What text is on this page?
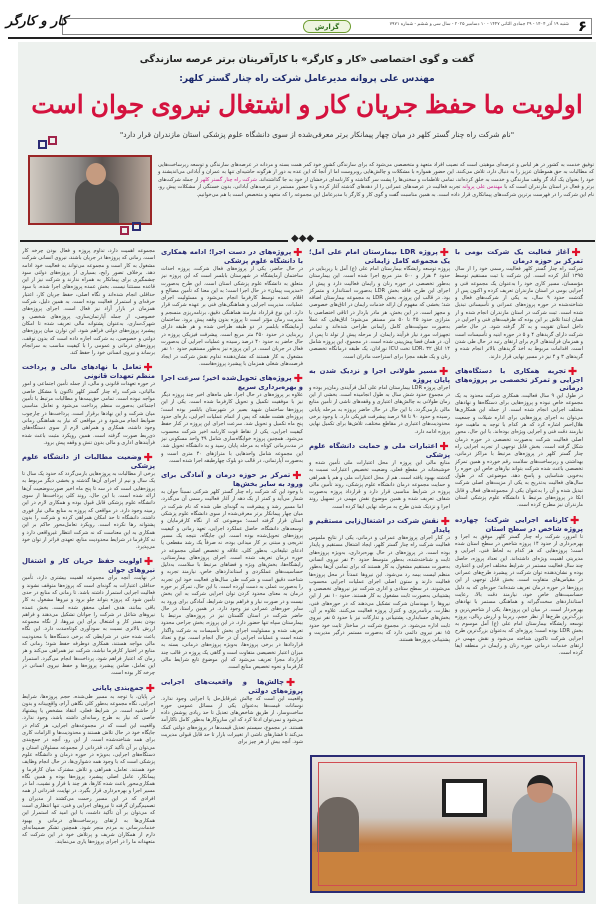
۶
شنبه ۱۹ آذر ۱۴۰۴ - ۲۹ جمادی الثانی ۱۴۴۷ - ۱۰ دسامبر ۲۰۲۵ - سال سی و ششم - شماره ۷۹۷۱
گزارش
کار و کارگر
گفت و گوی اختصاصی «کار و کارگر» با کارآفرینان برتر عرصه سازندگی
مهندس علی پروانه مدیرعامل شرکت راه چنار گستر کلهر:
اولویت ما حفظ جریان کار و اشتغال نیروی جوان است
"نام شرکت راه چنار گستر کلهر در میان چهار پیمانکار برتر معرفی‌شده از سوی دانشگاه علوم پزشکی استان مازندران قرار دارد"
توفیق خدمت به کشور در هر لباس و عرصه‌ای موهبتی است که نصیب افراد متعهد و متخصصی می‌شود که برای سازندگی کشور خود کمر همت بسته و مردانه در عرصه‌های سازندگی و توسعه زیرساخت‌هایی که مطالبات به حق هموطنان عزیز را به دنبال دارد، تلاش می‌کنند. این حضور همواره با مشکلات و چالش‌هایی روبروست اما از آنجا که این عده به دور از هرگونه حاشیه‌ای تنها به عمران و آبادانی می‌اندیشند و خود را بعنوان یک آباد گر وقف سازندگی و خدمت به خلق کرده‌اند، تمامی تلاطمات و سختی‌ها را پشت سر گذاشته و کارنامه‌ای درخشان از خود به جا گذاشته‌اند. شرکت راه چنار گستر کلهر از جمله شرکت‌های برتر و فعال در استان مازندران است که با مهندس علی پروانه تجربه فعالیت در عرصه‌های عمرانی را از دهه‌های گذشته آغاز کرده و با حضور مستمر در عرصه‌های آبادانی، بدون خستگی از مشکلات پیش رو، نام این شرکت را در فهرست برترین شرکت‌های پیمانکاری قرار داده است. به همین مناسبت گفت و گوی کار و کارگر با مدیرعامل این مجموعه را که متعهد و متخصص است با هم می‌خوانیم.
◆◆◆
✚آغاز فعالیت یک شرکت بومی با تمرکز بر حوزه درمان

شرکت راه چنار گستر کلهر فعالیت رسمی خود را از سال ۱۳۹۵ آغاز کرده است. این شرکت با ثبت مستقیم توسط مؤسسان، مسیر کاری خود را به‌عنوان یک مجموعه فنی و اجرایی بومی در استان مازندران تعریف کرده و اکنون پس از گذشت حدود ۹ سال، به یکی از شرکت‌های فعال و شناخته‌شده در حوزه پروژه‌های عمرانی و تأسیساتی تبدیل شده است. ثبت شرکت در استان مازندران انجام شده و از همان ابتدا تلاش بر این بوده که ظرفیت‌های فنی و اجرایی در داخل استان تقویت و به کار گرفته شود. در حال حاضر شرکت دارای گریدهای ۴ و ۵ در حوزه ابنیه و تأسیسات است و همزمان فرآیندهای لازم برای ارتقای رتبه در حال طی شدن است. اقدامات مربوط به اخذ گریدهای بالاتر انجام شده و گریدهای ۳ و ۴ نیز در مسیر نهایی قرار دارند.

✚تجربه همکاری با دستگاه‌های اجرایی و تمرکز تخصصی بر پروژه‌های درمانی

در طول این ۹ سال فعالیت، همکاری شرکت محدود به یک مجموعه خاص نبوده و پروژه‌هایی برای دستگاه‌ها و نهادهای مختلف اجرایی انجام شده است. از جمله این همکاری‌ها می‌توان به اجرای پروژه‌هایی برای اداره شیلات و جمعیت هلال‌احمر اشاره کرد که هر کدام با توجه به ماهیت خود نیازمند دقت فنی و اجرایی ویژه‌ای بوده‌اند. با این حال، محور اصلی فعالیت شرکت به‌صورت تخصصی در حوزه درمان شکل گرفته است. بخش قابل توجهی از تجربه اجرایی راه چنار گستر کلهر در پروژه‌های مرتبط با مراکز درمانی، بهداشتی و زیرساخت‌های سلامت رقم خورده و همین تمرکز تخصصی باعث شده شرکت بتواند نیازهای خاص این حوزه را به‌خوبی شناسایی و پاسخ دهد. موضوعی که در طول سال‌های فعالیت به‌تدریج به یکی از مزیت‌های اصلی شرکت تبدیل شده و آن را به‌عنوان یکی از مجموعه‌های فعال و قابل اتکا در پروژه‌های مرتبط با دانشگاه علوم پزشکی استان مازندران نیز مطرح کرده است.

✚کارنامه اجرایی شرکت؛ چهارده پروژه شاخص در سطح استان

تا امروز، شرکت راه چنار گستر کلهر موفق به اجرا و بهره‌برداری از حدود ۱۴ پروژه شاخص در سطح استان شده است؛ پروژه‌هایی که هر کدام به لحاظ فنی، اجرایی و مدیریتی اهمیت ویژه‌ای داشته‌اند. این تعداد پروژه، حاصل چند سال فعالیت مستمر در شرایط مختلف اجرایی و اعتباری بوده و نشان‌دهنده توان شرکت در پیشبرد طرح‌های عمرانی در مقیاس‌های متفاوت است. بخش قابل توجهی از این پروژه‌ها در حوزه درمان تعریف شده‌اند؛ حوزه‌ای که به دلیل حساسیت‌های خاص خود، نیازمند دقت بالا، رعایت استانداردهای سخت‌گیرانه و هماهنگی مستمر با نهادهای بهره‌بردار است. در میان این پروژه‌ها، یکی از شاخص‌ترین و بزرگ‌ترین طرح‌ها از نظر حجم، زیربنا و ارزش ریالی، پروژه توسعه زایشگاه بیمارستان امام علی (ع) آمل موسوم به بخش LDR بوده است؛ پروژه‌ای که به‌عنوان بزرگ‌ترین طرح اجرایی شرکت تاکنون شناخته می‌شود و نقش مهمی در ارتقای خدمات درمانی حوزه زنان و زایمان در منطقه ایفا کرده است.

✚پروژه LDR بیمارستان امام علی آمل؛ یک مجموعه کامل زایمانی

پروژه توسعه زایشگاه بیمارستان امام علی (ع) آمل با زیربنایی در حدود ۴ هزار و ۵۰۰ متر مربع اجرا شده است. این بیمارستان به‌طور تخصصی در حوزه زنان و زایمان فعالیت دارد و پیش از اجرای این طرح، فاقد بخش LDR به‌صورت استاندارد و متمرکز بود. در قالب این پروژه، بخش LDR به مجموعه بیمارستان اضافه شد؛ بخشی که مفهوم آن ارائه خدمات زایمان در اتاق‌های خصوصی و مجهز است. در این بخش، هر مادر باردار در اتاقی اختصاصی با متراژی حدود ۴۵ تا ۵۰ متر مستقر می‌شود؛ اتاق‌هایی که عملاً به‌صورت سوئیت‌های کامل زایمانی طراحی شده‌اند و تمامی تجهیزات مورد نیاز فرآیند زایمان، از مرحله پیش از تولد تا پس از آن، در همان فضا پیش‌بینی شده است. در مجموع، این پروژه شامل ۱۴ اتاق LDR، ۳۲ تخت ICU نوزادان، یک طبقه درمانگاه تخصصی زنان و یک طبقه مجزا برای استراحت مادران است.

✚مسیر طولانی اجرا و نزدیک شدن به پایان پروژه

اجرای پروژه LDR بیمارستان امام علی آمل فرآیندی زمان‌بر بوده و در مجموع حدود شش سال به طول انجامیده است. بخشی از این زمان طولانی به چالش‌های اعتباری و وقفه‌های ناشی از تأمین منابع مالی بازمی‌گردد. با این حال در حال حاضر پروژه به مرحله پایانی رسیده و حدود ۹۰ تا ۹۸ درصد پیشرفت فیزیکی دارد. با وجود برخی محدودیت‌های اعتباری در مقاطع مختلف، تلاش‌ها برای تکمیل نهایی پروژه ادامه دارد.

✚اعتبارات ملی و حمایت دانشگاه علوم پزشکی

منابع مالی این پروژه از محل اعتبارات ملی تأمین شده و خوشبختانه در مقطع فعلی، وضعیت تخصیص اعتبارات نسبت به گذشته بهبود یافته است. هم از محل اعتبارات ملی و هم با همراهی و حمایت مجموعه درمان دانشگاه علوم پزشکی، روند تأمین مالی پروژه در شرایط مناسبی قرار دارد و قرارداد پروژه به‌صورت شفاف تعریف شده و همین موضوع نقش مهمی در تسهیل روند اجرا و نزدیک شدن طرح به مرحله نهایی ایفا کرده است.

✚نقش شرکت در اشتغال‌زایی مستقیم و پایدار

در کنار اجرای پروژه‌های عمرانی و درمانی، یکی از نتایج ملموس فعالیت شرکت راه چنار گستر کلهر، ایجاد اشتغال مستقیم و پایدار بوده است. در پروژه‌های در حال بهره‌برداری، به‌ویژه پروژه‌های ثابت و شناخته‌شده، به‌طور متوسط حدود ۳۰ نفر نیروی انسانی به‌صورت مستقیم مشغول به کار هستند که برای تمامی آن‌ها به‌طور منظم لیست بیمه رد می‌شود. این نیروها عمدتاً در محل پروژه‌ها فعالیت دارند و ستون اصلی اجرای عملیات اجرایی محسوب می‌شوند. در سطح ستادی و اداری شرکت نیز نیروهای تخصصی و پشتیبانی به‌صورت ثابت مشغول به کار هستند. حدود ۱۰ نفر از این نیروها را مهندسان شرکت تشکیل می‌دهند که در حوزه‌های فنی، نظارت، برنامه‌ریزی و کنترل پروژه فعالیت می‌کنند. علاوه بر آن، بخش‌های حسابداری، پشتیبانی و تدارکات نیز با حدود ۵ نفر نیروی ثابت اداره می‌شود. در مجموع شرکت در ساختار ثابت خود حدود ۱۵ نفر نیروی دائمی دارد که به‌صورت مستمر درگیر مدیریت و پشتیبانی پروژه‌ها هستند.

✚پروژه‌های در دست اجرا؛ ادامه همکاری با دانشگاه علوم پزشکی

در حال حاضر، یکی از پروژه‌های فعال شرکت، پروژه احداث ساختمان آزمایشگاه در شهرستان بابلسر است که این پروژه نیز متعلق به دانشگاه علوم پزشکی استان است. این طرح به‌صورت «مدیریت پیمان» در حال اجرا است؛ به این معنا که تأمین مصالح و اقلام عمده توسط کارفرما انجام می‌شود و مسئولیت اجرای عملیات، مدیریت اجرایی و هماهنگی‌های فنی بر عهده شرکت قرار دارد. این نوع قرارداد نیازمند هماهنگی دقیق، برنامه‌ریزی منسجم و مدیریت زمان مؤثر است تا پروژه بدون وقفه پیش برود. ساختمان آزمایشگاه بابلسر در دو طبقه طراحی شده و هر طبقه دارای زیربنایی در حدود ۴۵۰ متر مربع است. پیشرفت فیزیکی پروژه در حال حاضر به حدود ۴۰ درصد رسیده و عملیات اجرایی آن به‌صورت فعال در جریان است. در این پروژه نیز به‌طور مستقیم حدود ۱۰ نفر مشغول به کار هستند که نشان‌دهنده تداوم نقش شرکت در ایجاد فرصت‌های شغلی همزمان با پیشبرد پروژه‌هاست.

✚پروژه‌های تحویل‌شده اخیر؛ سرعت اجرا و بهره‌برداری سریع

علاوه بر پروژه‌های در حال اجرا، طی ماه‌های اخیر چند پروژه دیگر نیز با موفقیت تکمیل و تحویل کارفرما شده است. یکی از این پروژه‌ها ساختمان شهید بصیر در شهرستان بابلسر بوده است؛ پروژه‌ای هشت طبقه که پس از اتمام عملیات اجرایی، بازه‌ای حدود پنج ماه تکمیل و تحویل شد. سرعت اجرای این پروژه در کنار حفظ کیفیت اجرایی، یکی از نقاط قوت کارنامه اخیر شرکت محسوب می‌شود. همچنین پروژه خوابگاه‌سازی شامل ۴۹ واحد مسکونی نیز در مدت‌زمانی کوتاه به مرحله پایان رسید و به دانشگاه تحویل شد. این مجموعه شامل واحدهایی با متراژهای ۴۰ متری است و به‌صورت آپارتمانی، در قالب دو بلوک چهارطبقه اجرا شده است.

✚تمرکز بر حوزه درمان و آمادگی برای ورود به سایر بخش‌ها

با وجود این که شرکت راه چنار گستر کلهر شرکتی نسبتاً جوان به شمار می‌آید و کمتر از یک دهه از آغاز فعالیت رسمی آن می‌گذرد، اما مسیر رشد و پیشرفت به گونه‌ای طی شده که نام شرکت در میان چهار پیمانکار برتر معرفی‌شده از سوی دانشگاه علوم پزشکی استان قرار گرفته است؛ موضوعی که از نگاه کارفرمایان و توسعه‌های دانشگاه، حاصل عملکرد اجرایی، تعهد زمانی و کیفیت پروژه‌های تحویل‌شده بوده است. این جایگاه، نتیجه یک مسیر تدریجی و مبتنی بر کار میدانی بوده، نه صرفاً یک رشد مقطعی یا ادعای تبلیغاتی. به‌طور کلی، علاقه و تخصص اصلی مجموعه در حوزه درمان تعریف شده است. اجرای پروژه‌های بیمارستانی، زایشگاه‌ها، بخش‌های ویژه و فضاهای مرتبط با سلامت، به‌دلیل حساسیت‌های عملکردی و استانداردهای خاص، نیازمند تجربه و شناخت دقیق است و شرکت طی سال‌های فعالیت خود این تجربه را به‌صورت عملی به دست آورده است. با این حال، تمرکز بر حوزه درمان به معنای محدود کردن توان اجرایی شرکت به این بخش نیست و در صورت نیاز و فراهم بودن شرایط، آمادگی برای ورود به سایر حوزه‌های عمرانی نیز وجود دارد. در همین راستا، در حال حاضر شرکت در استان گلستان نیز در پروژه‌های مرتبط با بیمارستان سپاه تنها حضور دارد. در این پروژه، بخش جراحی محدود تعریف شده و مسئولیت اجرای بخش تأسیسات به شرکت واگذار شده است و عملیات اجرایی آن در حال انجام است. نوع و تعداد قراردادها در برخی پروژه‌ها، به‌ویژه پروژه‌های درمانی، بسته به میزان اعتبار تخصیصی متفاوت است و گاهی یک پروژه در قالب چند قرارداد مجزا تعریف می‌شود که این موضوع تابع شرایط مالی کارفرما و نحوه تخصیص منابع است.

✚چالش‌ها و واقعیت‌های اجرایی پروژه‌های دولتی

واقعیت این است که چالش غیرقابل‌حل یا اجرایی وجود ندارد. نوسانات قیمت‌ها به‌عنوان یکی از مسائل عمومی حوزه ساخت‌وساز، از طریق شاخص‌های تعدیل تا حد زیادی پوشش داده می‌شود و نمی‌توان ادعا کرد که این سازوکارها به‌طور کامل ناکارآمد هستند. در مجموع، سیستم تعدیل قیمت‌ها در پروژه‌های دولتی کمک می‌کند تا فشارهای ناشی از تغییرات بازار تا حد قابل قبولی مدیریت شود. آنچه بیش از هر چیز برای

مجموعه اهمیت دارد، تداوم پروژه و فعال بودن چرخه کار است. زمانی که پروژه‌ها در جریان باشند، نیروی انسانی شرکت مشغول به کار است و مجموعه می‌تواند به فعالیت خود ادامه دهد. برخلاف تصور رایج، بسیاری از پروژه‌های دولتی سود چشمگیری برای پیمانکار به همراه ندارند و شرکت نیز از این قاعده مستثنا نیست. بخش عمده پروژه‌های اجرا شده، با سود حداقلی انجام شده‌اند و نگاه اصلی، حفظ جریان کار، اعتبار حرفه‌ای و استمرار فعالیت بوده است. به همین دلیل، شرکت همزمان در بازار آزاد نیز فعال است. اجرای پروژه‌های خصوصی، از جمله آپارتمان‌سازی، پروژه‌های شخصی و شهرک‌سازی، به‌عنوان پشتوانه مالی تعریف شده تا امکان پیشبرد پروژه‌های دولتی فراهم شود. این توازن میان پروژه‌های دولتی و خصوصی، به شرکت اجازه داده است که بدون توقف، پروژه‌های درمانی و عمومی را با کیفیت مناسب به سرانجام برساند و نیروی انسانی خود را حفظ کند.

✚تعامل با نهادهای مالی و پرداخت منظم تعهدات قانونی

در حوزه تعهدات قانونی و مالی، از جمله تأمین اجتماعی و امور مالیاتی، شرکت راه چنار گستر کلهر تاکنون با مشکل خاصی مواجه نبوده است. تمامی حق‌بیمه‌ها و مطالبات مرتبط با تأمین اجتماعی به‌صورت منظم پرداخت می‌شود و تعامل مناسبی میان شرکت و این نهادها برقرار است. پرداخت‌ها در چارچوب ضوابط انجام می‌شود و در مواقعی که نیاز به هماهنگی زمانی وجود داشته، همکاری و همراهی لازم از سوی دستگاه‌های ذی‌ربط صورت گرفته است. همین رویکرد مثبت باعث شده فرآیندهای اداری و مالی بدون تنش و وقفه پیش برود.

✚وضعیت مطالبات از دانشگاه علوم پزشکی

برخی از مطالبات به پروژه‌هایی بازمی‌گردد که حدود یک سال تا یک سال و نیم از اجرای آن‌ها گذشته و بخشی دیگر مربوط به پروژه‌هایی است که در سه تا پنج ماه اخیر صورت‌وضعیت آن‌ها ارائه شده است. با این حال، روند کلی پرداخت‌ها از سوی دانشگاه علوم پزشکی قابل قبول بوده و همکاری لازم در این زمینه وجود دارد. در مواقعی که پروژه به منابع مالی نیاز فوری داشته، دانشگاه تا حد امکان همراهی کرده و شرکت را بدون پشتوانه رها نکرده است. رویکرد تعامل‌محور حاکم بر این همکاری به این معناست که نه شرکت انتظار غیرواقعی دارد و نه کارفرما در شرایط محدودیت منابع، تعهدی فراتر از توان خود می‌پذیرد.

✚اولویت حفظ جریان کار و اشتغال نیروهای جوان

در نهایت، آنچه برای مجموعه اهمیت بیشتری دارد، تأمین حداقلی اعتبارات به گونه‌ای است که پروژه‌ها متوقف نشوند و فعالیت اجرایی استمرار داشته باشد. تا زمانی که منابع در حدی تأمین شود که پروژه بتواند جلو برود و نیروها مشغول به کار باقی بمانند، هدف اصلی محقق شده است. بخش عمده نیروهای شاغل در شرکت را جوانان تشکیل می‌دهند و فراهم بودن بستر کار و اشتغال برای این نیروها، از نگاه مجموعه ارزش بالاتری نسبت به سودآوری کوتاه‌مدت دارد. این نگاه باعث شده حتی در شرایطی که برخی دستگاه‌ها با محدودیت مالی مواجه هستند، همکاری دوطرفه حفظ شود؛ زمانی که منابع در اختیار کارفرما نباشد، شرکت نیز همراهی می‌کند و هر زمان که اعتبار فراهم شود، پرداخت‌ها انجام می‌گیرد. استمرار این تعامل، ضامن پیشبرد پروژه‌ها و حفظ نیروی انسانی در چرخه کار بوده است.

✚جمع‌بندی پایانی

در پایان، با توجه به مسیر طی‌شده، حجم پروژه‌ها، شرایط اجرایی، نگاه مجموعه به‌طور کلی نگاهی آرام، واقع‌بینانه و بدون از حاشیه است. در شرایط فعلی، انتقاد مشخص یا پیشنهاد خاصی که نیاز به طرح رسانه‌ای داشته باشد، وجود ندارد. واقعیت این است که در مجموعه‌های اجرایی، هر کدام در جایگاه خود در حال تلاش هستند و محدودیت‌ها و الزامات کاری برای همه شناخته‌شده است. از این رو، آنچه در جمع‌بندی می‌توان بر آن تأکید کرد، قدردانی از مجموعه مسئولان استان و دستگاه‌های اجرایی، به‌ویژه در حوزه درمان و دانشگاه علوم پزشکی است که با وجود همه دشواری‌ها، در حال انجام وظایف خود هستند. تعامل، همراهی و تلاش مشترک میان کارفرما و پیمانکار، عامل اصلی پیشبرد پروژه‌ها بوده و همین نگاه همکاری‌محور باعث شده کارها، هر چند با فراز و نشیب، اما در مسیر اجرا و بهره‌برداری قرار بگیرد. در نهایت، قدردانی از همه افرادی که در این مسیر زحمت می‌کشند از مدیران و تصمیم‌گیران گرفته تا نیروهای اجرایی و فنی، تنها انتظاری است که می‌توان بر آن تأکید داشت، با این امید که استمرار این همکاری‌ها به ارتقای زیرساخت‌های درمانی و بهبود خدمات‌رسانی به مردم منجر شود. همچنین تشکر صمیمانه‌ای دارم از همکاران شریف و پرتلاش خود در این شرکت که متعهدانه ما را در اجرای پروژه‌ها یاری می‌نمایند.
